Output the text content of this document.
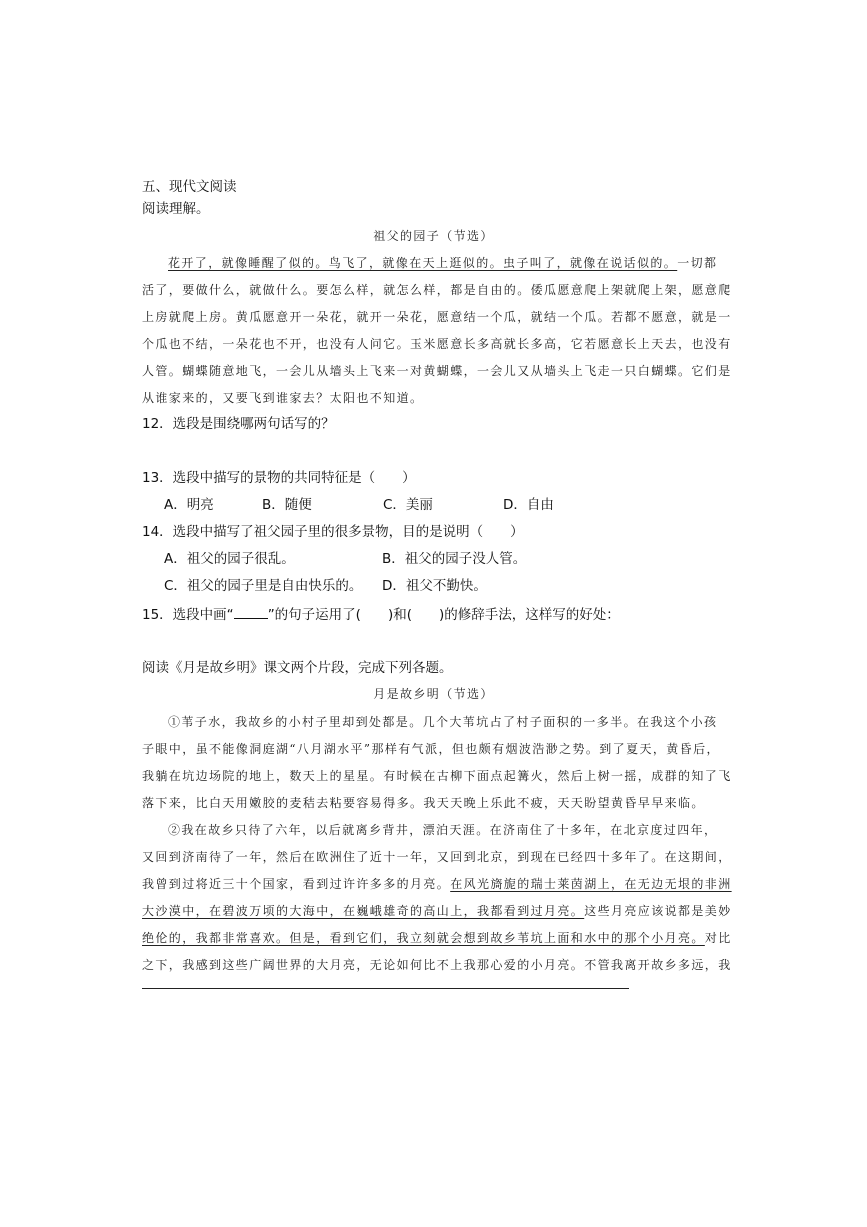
五、现代文阅读
阅读理解。
祖父的园子（节选）
花开了，就像睡醒了似的。鸟飞了，就像在天上逛似的。虫子叫了，就像在说话似的。一切都
活了，要做什么，就做什么。要怎么样，就怎么样，都是自由的。倭瓜愿意爬上架就爬上架，愿意爬
上房就爬上房。黄瓜愿意开一朵花，就开一朵花，愿意结一个瓜，就结一个瓜。若都不愿意，就是一
个瓜也不结，一朵花也不开，也没有人问它。玉米愿意长多高就长多高，它若愿意长上天去，也没有
人管。蝴蝶随意地飞，一会儿从墙头上飞来一对黄蝴蝶，一会儿又从墙头上飞走一只白蝴蝶。它们是
从谁家来的，又要飞到谁家去？太阳也不知道。
12．选段是围绕哪两句话写的？
13．选段中描写的景物的共同特征是（　　）
A．明亮	B．随便	C．美丽	D．自由
14．选段中描写了祖父园子里的很多景物，目的是说明（　　）
A．祖父的园子很乱。	B．祖父的园子没人管。
C．祖父的园子里是自由快乐的。 D．祖父不勤快。
15．选段中画“	”的句子运用了(　　)和(　　)的修辞手法，这样写的好处：
阅读《月是故乡明》课文两个片段，完成下列各题。
月是故乡明（节选）
①苇子水，我故乡的小村子里却到处都是。几个大苇坑占了村子面积的一多半。在我这个小孩
子眼中，虽不能像洞庭湖“八月湖水平”那样有气派，但也颇有烟波浩渺之势。到了夏天，黄昏后，
我躺在坑边场院的地上，数天上的星星。有时候在古柳下面点起篝火，然后上树一摇，成群的知了飞
落下来，比白天用嫩胶的麦秸去粘要容易得多。我天天晚上乐此不疲，天天盼望黄昏早早来临。
②我在故乡只待了六年，以后就离乡背井，漂泊天涯。在济南住了十多年，在北京度过四年，
又回到济南待了一年，然后在欧洲住了近十一年，又回到北京，到现在已经四十多年了。在这期间，
我曾到过将近三十个国家，看到过许许多多的月亮。在风光旖旎的瑞士莱茵湖上，在无边无垠的非洲
大沙漠中，在碧波万顷的大海中，在巍峨雄奇的高山上，我都看到过月亮。这些月亮应该说都是美妙
绝伦的，我都非常喜欢。但是，看到它们，我立刻就会想到故乡苇坑上面和水中的那个小月亮。对比
之下，我感到这些广阔世界的大月亮，无论如何比不上我那心爱的小月亮。不管我离开故乡多远，我
